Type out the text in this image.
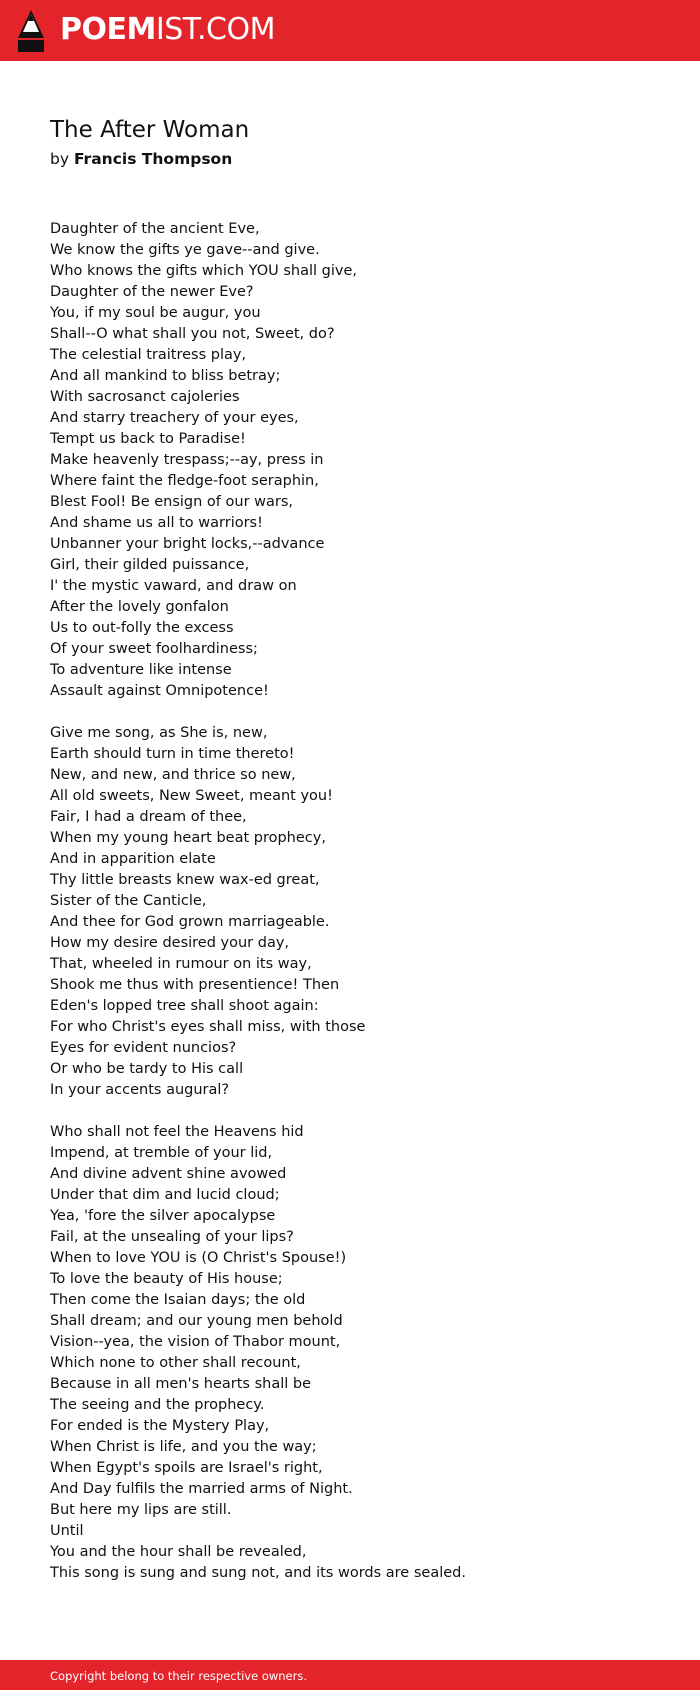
POEMIST.COM
The After Woman
by Francis Thompson
Daughter of the ancient Eve,
We know the gifts ye gave--and give.
Who knows the gifts which YOU shall give,
Daughter of the newer Eve?
You, if my soul be augur, you
Shall--O what shall you not, Sweet, do?
The celestial traitress play,
And all mankind to bliss betray;
With sacrosanct cajoleries
And starry treachery of your eyes,
Tempt us back to Paradise!
Make heavenly trespass;--ay, press in
Where faint the fledge-foot seraphin,
Blest Fool! Be ensign of our wars,
And shame us all to warriors!
Unbanner your bright locks,--advance
Girl, their gilded puissance,
I' the mystic vaward, and draw on
After the lovely gonfalon
Us to out-folly the excess
Of your sweet foolhardiness;
To adventure like intense
Assault against Omnipotence!
Give me song, as She is, new,
Earth should turn in time thereto!
New, and new, and thrice so new,
All old sweets, New Sweet, meant you!
Fair, I had a dream of thee,
When my young heart beat prophecy,
And in apparition elate
Thy little breasts knew wax-ed great,
Sister of the Canticle,
And thee for God grown marriageable.
How my desire desired your day,
That, wheeled in rumour on its way,
Shook me thus with presentience! Then
Eden's lopped tree shall shoot again:
For who Christ's eyes shall miss, with those
Eyes for evident nuncios?
Or who be tardy to His call
In your accents augural?
Who shall not feel the Heavens hid
Impend, at tremble of your lid,
And divine advent shine avowed
Under that dim and lucid cloud;
Yea, 'fore the silver apocalypse
Fail, at the unsealing of your lips?
When to love YOU is (O Christ's Spouse!)
To love the beauty of His house;
Then come the Isaian days; the old
Shall dream; and our young men behold
Vision--yea, the vision of Thabor mount,
Which none to other shall recount,
Because in all men's hearts shall be
The seeing and the prophecy.
For ended is the Mystery Play,
When Christ is life, and you the way;
When Egypt's spoils are Israel's right,
And Day fulfils the married arms of Night.
But here my lips are still.
Until
You and the hour shall be revealed,
This song is sung and sung not, and its words are sealed.
Copyright belong to their respective owners.
